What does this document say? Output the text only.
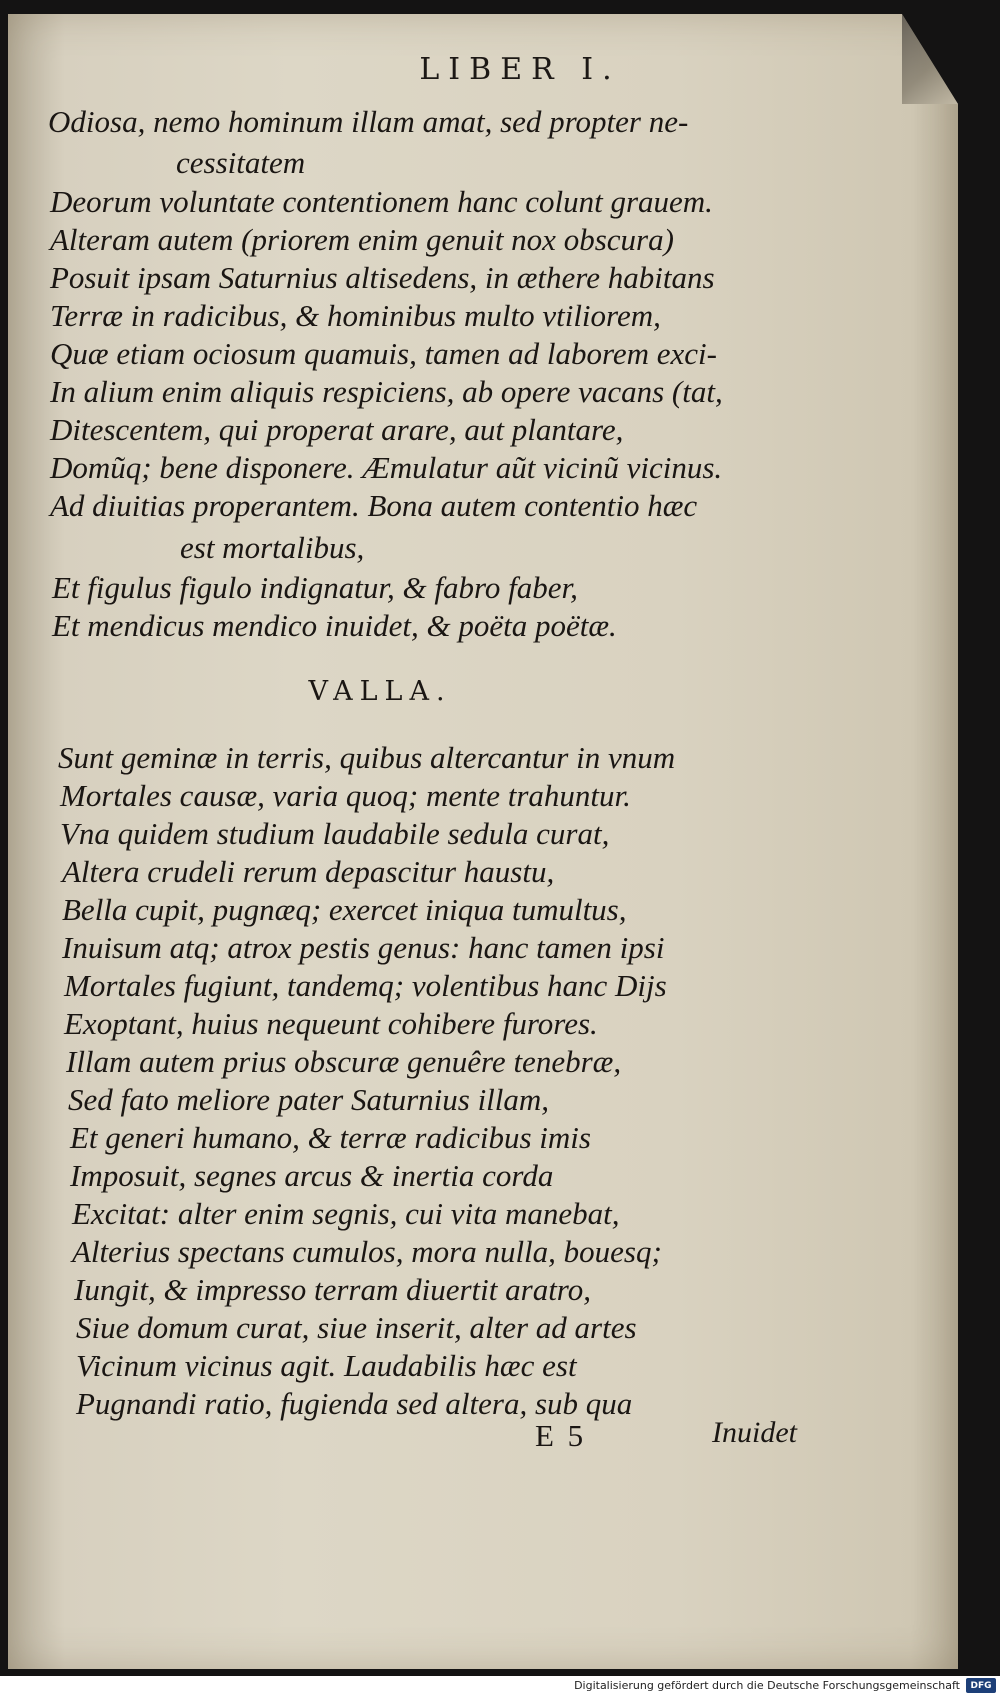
LIBER I.
Odiosa, nemo hominum illam amat, sed propter ne-
cessitatem
Deorum voluntate contentionem hanc colunt grauem.
Alteram autem (priorem enim genuit nox obscura)
Posuit ipsam Saturnius altisedens, in æthere habitans
Terræ in radicibus, & hominibus multo vtiliorem,
Quæ etiam ociosum quamuis, tamen ad laborem exci-
In alium enim aliquis respiciens, ab opere vacans (tat,
Ditescentem, qui properat arare, aut plantare,
Domũq; bene disponere. Æmulatur aũt vicinũ vicinus.
Ad diuitias properantem. Bona autem contentio hæc
est mortalibus,
Et figulus figulo indignatur, & fabro faber,
Et mendicus mendico inuidet, & poëta poëtæ.
VALLA.
Sunt geminæ in terris, quibus altercantur in vnum
Mortales causæ, varia quoq; mente trahuntur.
Vna quidem studium laudabile sedula curat,
Altera crudeli rerum depascitur haustu,
Bella cupit, pugnæq; exercet iniqua tumultus,
Inuisum atq; atrox pestis genus: hanc tamen ipsi
Mortales fugiunt, tandemq; volentibus hanc Dijs
Exoptant, huius nequeunt cohibere furores.
Illam autem prius obscuræ genuêre tenebræ,
Sed fato meliore pater Saturnius illam,
Et generi humano, & terræ radicibus imis
Imposuit, segnes arcus & inertia corda
Excitat: alter enim segnis, cui vita manebat,
Alterius spectans cumulos, mora nulla, bouesq;
Iungit, & impresso terram diuertit aratro,
Siue domum curat, siue inserit, alter ad artes
Vicinum vicinus agit. Laudabilis hæc est
Pugnandi ratio, fugienda sed altera, sub qua
E 5	Inuidet
Digitalisierung gefördert durch die Deutsche Forschungsgemeinschaft	DFG
